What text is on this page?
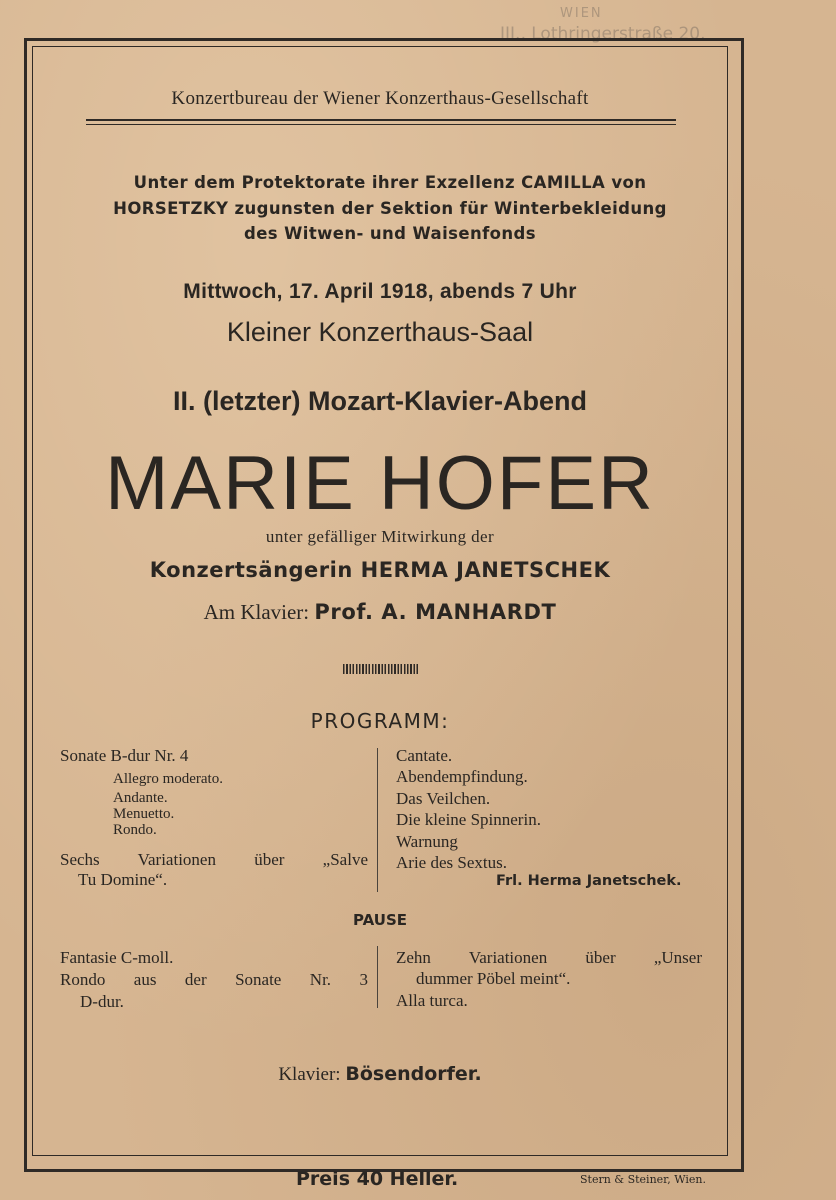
WIEN
III., Lothringerstraße 20.
Konzertbureau der Wiener Konzerthaus-Gesellschaft
Unter dem Protektorate ihrer Exzellenz CAMILLA von
HORSETZKY zugunsten der Sektion für Winterbekleidung
des Witwen- und Waisenfonds
Mittwoch, 17. April 1918, abends 7 Uhr
Kleiner Konzerthaus-Saal
II. (letzter) Mozart-Klavier-Abend
MARIE HOFER
unter gefälliger Mitwirkung der
Konzertsängerin HERMA JANETSCHEK
Am Klavier: Prof. A. MANHARDT
PROGRAMM:
Sonate B-dur Nr. 4
Allegro moderato.
Andante.
Menuetto.
Rondo.
Sechs Variationen über „Salve
Tu Domine“.
Cantate.
Abendempfindung.
Das Veilchen.
Die kleine Spinnerin.
Warnung
Arie des Sextus.
Frl. Herma Janetschek.
PAUSE
Fantasie C-moll.
Rondo aus der Sonate Nr. 3
D-dur.
Zehn Variationen über „Unser
dummer Pöbel meint“.
Alla turca.
Klavier: Bösendorfer.
Preis 40 Heller.	Stern & Steiner, Wien.
